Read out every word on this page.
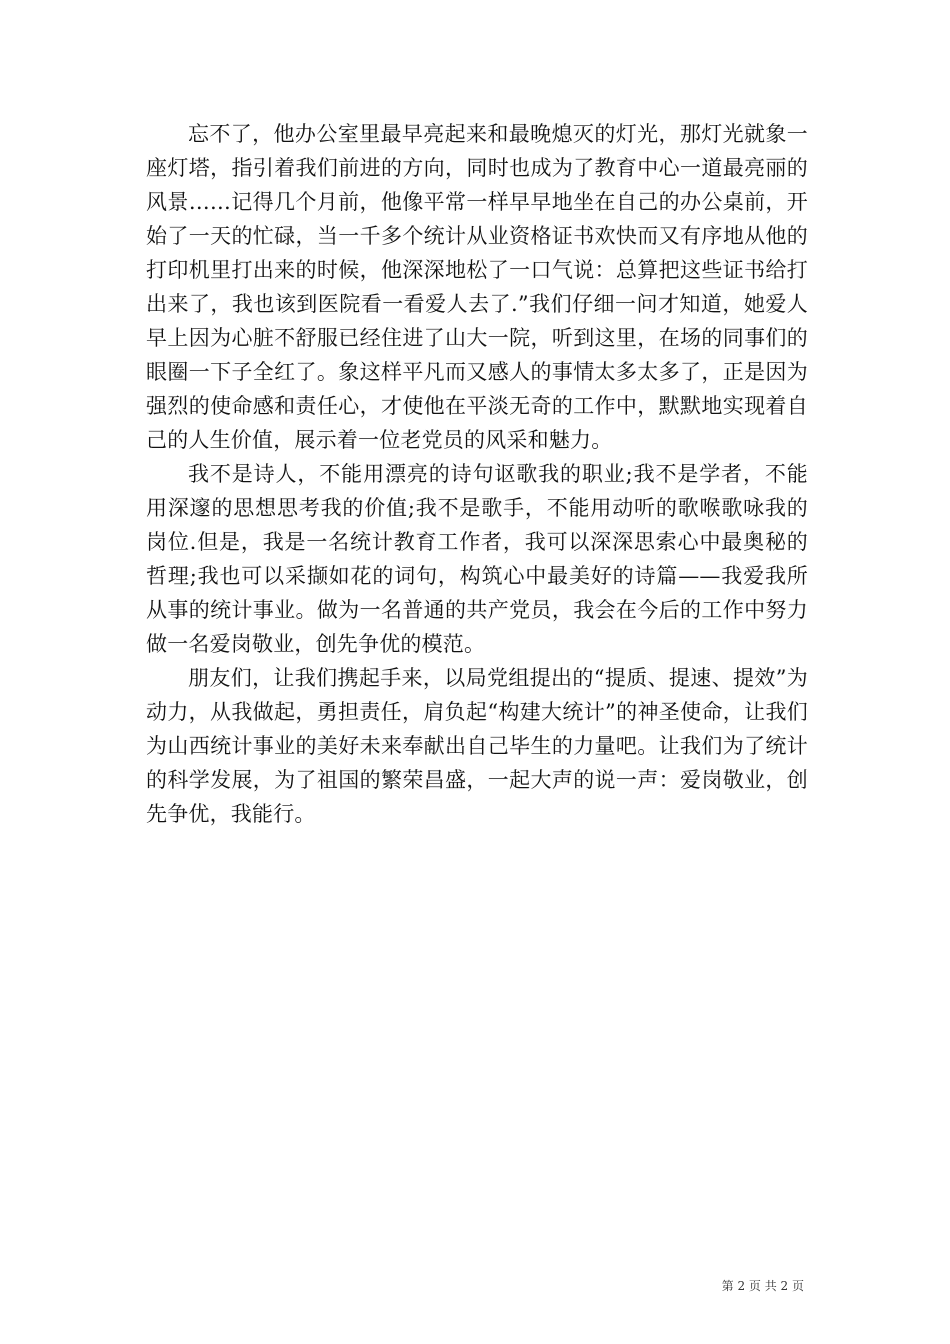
忘不了，他办公室里最早亮起来和最晚熄灭的灯光，那灯光就象一座灯塔，指引着我们前进的方向，同时也成为了教育中心一道最亮丽的风景……记得几个月前，他像平常一样早早地坐在自己的办公桌前，开始了一天的忙碌，当一千多个统计从业资格证书欢快而又有序地从他的打印机里打出来的时候，他深深地松了一口气说：总算把这些证书给打出来了，我也该到医院看一看爱人去了.”我们仔细一问才知道，她爱人早上因为心脏不舒服已经住进了山大一院，听到这里，在场的同事们的眼圈一下子全红了。象这样平凡而又感人的事情太多太多了，正是因为强烈的使命感和责任心，才使他在平淡无奇的工作中，默默地实现着自己的人生价值，展示着一位老党员的风采和魅力。

我不是诗人，不能用漂亮的诗句讴歌我的职业;我不是学者，不能用深邃的思想思考我的价值;我不是歌手，不能用动听的歌喉歌咏我的岗位.但是，我是一名统计教育工作者，我可以深深思索心中最奥秘的哲理;我也可以采撷如花的词句，构筑心中最美好的诗篇——我爱我所从事的统计事业。做为一名普通的共产党员，我会在今后的工作中努力做一名爱岗敬业，创先争优的模范。

朋友们，让我们携起手来，以局党组提出的“提质、提速、提效”为动力，从我做起，勇担责任，肩负起“构建大统计”的神圣使命，让我们为山西统计事业的美好未来奉献出自己毕生的力量吧。让我们为了统计的科学发展，为了祖国的繁荣昌盛，一起大声的说一声：爱岗敬业，创先争优，我能行。

第 2 页 共 2 页
